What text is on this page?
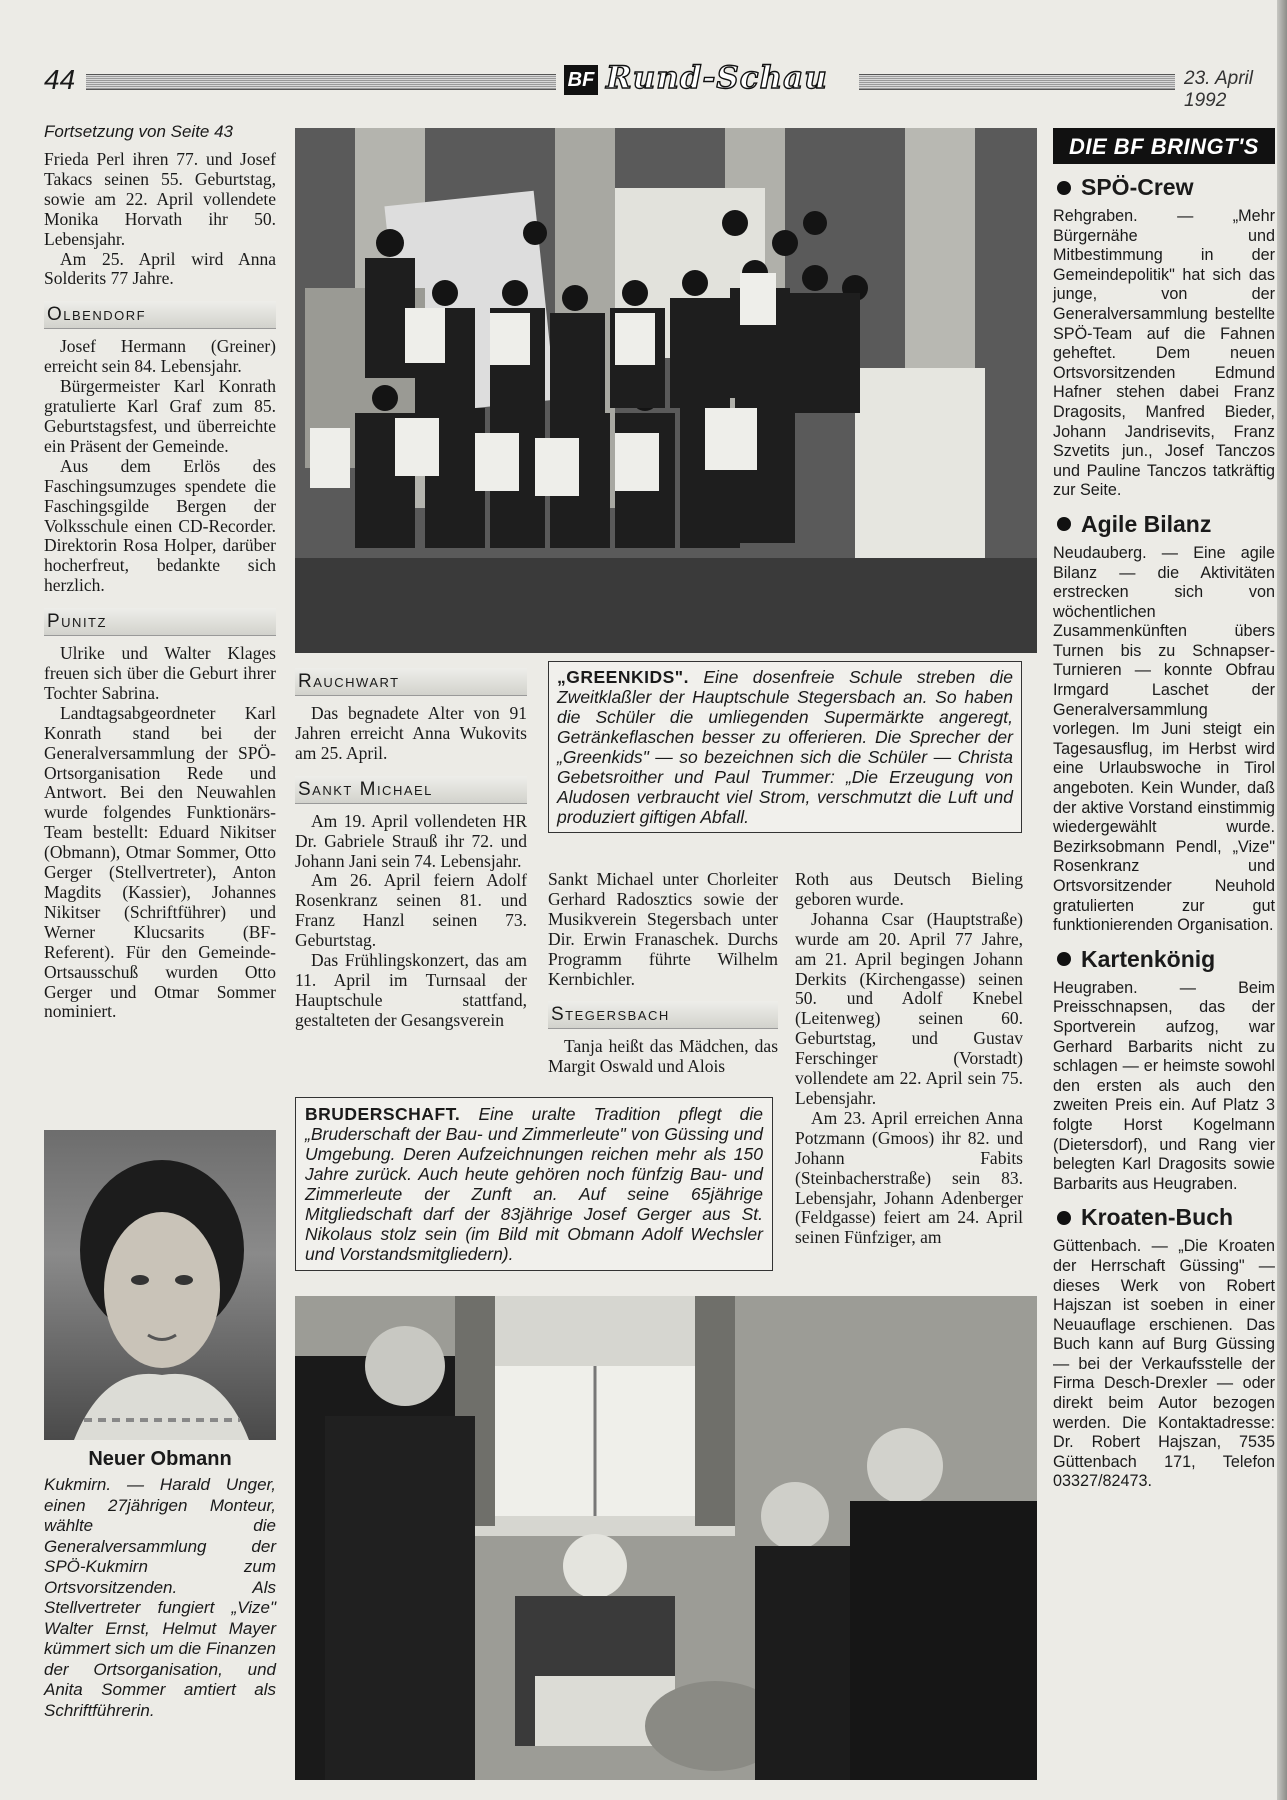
44	BF Rund-Schau	23. April 1992
Fortsetzung von Seite 43

Frieda Perl ihren 77. und Josef Takacs seinen 55. Geburtstag, sowie am 22. April vollendete Monika Horvath ihr 50. Lebensjahr.

Am 25. April wird Anna Solderits 77 Jahre.

Olbendorf

Josef Hermann (Greiner) erreicht sein 84. Lebensjahr.

Bürgermeister Karl Konrath gratulierte Karl Graf zum 85. Geburtstagsfest, und überreichte ein Präsent der Gemeinde.

Aus dem Erlös des Faschingsumzuges spendete die Faschingsgilde Bergen der Volksschule einen CD-Recorder. Direktorin Rosa Holper, darüber hocherfreut, bedankte sich herzlich.

Punitz

Ulrike und Walter Klages freuen sich über die Geburt ihrer Tochter Sabrina.

Landtagsabgeordneter Karl Konrath stand bei der Generalversammlung der SPÖ-Ortsorganisation Rede und Antwort. Bei den Neuwahlen wurde folgendes Funktionärs-Team bestellt: Eduard Nikitser (Obmann), Otmar Sommer, Otto Gerger (Stellvertreter), Anton Magdits (Kassier), Johannes Nikitser (Schriftführer) und Werner Klucsarits (BF-Referent). Für den Gemeinde-Ortsausschuß wurden Otto Gerger und Otmar Sommer nominiert.

Neuer Obmann
Kukmirn. — Harald Unger, einen 27jährigen Monteur, wählte die Generalversammlung der SPÖ-Kukmirn zum Ortsvorsitzenden. Als Stellvertreter fungiert „Vize" Walter Ernst, Helmut Mayer kümmert sich um die Finanzen der Ortsorganisation, und Anita Sommer amtiert als Schriftführerin.
Rauchwart

Das begnadete Alter von 91 Jahren erreicht Anna Wukovits am 25. April.

Sankt Michael

Am 19. April vollendeten HR Dr. Gabriele Strauß ihr 72. und Johann Jani sein 74. Lebensjahr.

Am 26. April feiern Adolf Rosenkranz seinen 81. und Franz Hanzl seinen 73. Geburtstag.

Das Frühlingskonzert, das am 11. April im Turnsaal der Hauptschule stattfand, gestalteten der Gesangsverein

„GREENKIDS". Eine dosenfreie Schule streben die Zweitklaßler der Hauptschule Stegersbach an. So haben die Schüler die umliegenden Supermärkte angeregt, Getränkeflaschen besser zu offerieren. Die Sprecher der „Greenkids" — so bezeichnen sich die Schüler — Christa Gebetsroither und Paul Trummer: „Die Erzeugung von Aludosen verbraucht viel Strom, verschmutzt die Luft und produziert giftigen Abfall.

Sankt Michael unter Chorleiter Gerhard Radosztics sowie der Musikverein Stegersbach unter Dir. Erwin Franaschek. Durchs Programm führte Wilhelm Kernbichler.

Stegersbach

Tanja heißt das Mädchen, das Margit Oswald und Alois

Roth aus Deutsch Bieling geboren wurde.

Johanna Csar (Hauptstraße) wurde am 20. April 77 Jahre, am 21. April begingen Johann Derkits (Kirchengasse) seinen 50. und Adolf Knebel (Leitenweg) seinen 60. Geburtstag, und Gustav Ferschinger (Vorstadt) vollendete am 22. April sein 75. Lebensjahr.

Am 23. April erreichen Anna Potzmann (Gmoos) ihr 82. und Johann Fabits (Steinbacherstraße) sein 83. Lebensjahr, Johann Adenberger (Feldgasse) feiert am 24. April seinen Fünfziger, am

BRUDERSCHAFT. Eine uralte Tradition pflegt die „Bruderschaft der Bau- und Zimmerleute" von Güssing und Umgebung. Deren Aufzeichnungen reichen mehr als 150 Jahre zurück. Auch heute gehören noch fünfzig Bau- und Zimmerleute der Zunft an. Auf seine 65jährige Mitgliedschaft darf der 83jährige Josef Gerger aus St. Nikolaus stolz sein (im Bild mit Obmann Adolf Wechsler und Vorstandsmitgliedern).
DIE BF BRINGT'S
SPÖ-Crew
Rehgraben. — „Mehr Bürgernähe und Mitbestimmung in der Gemeindepolitik" hat sich das junge, von der Generalversammlung bestellte SPÖ-Team auf die Fahnen geheftet. Dem neuen Ortsvorsitzenden Edmund Hafner stehen dabei Franz Dragosits, Manfred Bieder, Johann Jandrisevits, Franz Szvetits jun., Josef Tanczos und Pauline Tanczos tatkräftig zur Seite.
Agile Bilanz
Neudauberg. — Eine agile Bilanz — die Aktivitäten erstrecken sich von wöchentlichen Zusammenkünften übers Turnen bis zu Schnapser-Turnieren — konnte Obfrau Irmgard Laschet der Generalversammlung vorlegen. Im Juni steigt ein Tagesausflug, im Herbst wird eine Urlaubswoche in Tirol angeboten. Kein Wunder, daß der aktive Vorstand einstimmig wiedergewählt wurde. Bezirksobmann Pendl, „Vize" Rosenkranz und Ortsvorsitzender Neuhold gratulierten zur gut funktionierenden Organisation.
Kartenkönig
Heugraben. — Beim Preisschnapsen, das der Sportverein aufzog, war Gerhard Barbarits nicht zu schlagen — er heimste sowohl den ersten als auch den zweiten Preis ein. Auf Platz 3 folgte Horst Kogelmann (Dietersdorf), und Rang vier belegten Karl Dragosits sowie Barbarits aus Heugraben.
Kroaten-Buch
Güttenbach. — „Die Kroaten der Herrschaft Güssing" — dieses Werk von Robert Hajszan ist soeben in einer Neuauflage erschienen. Das Buch kann auf Burg Güssing — bei der Verkaufsstelle der Firma Desch-Drexler — oder direkt beim Autor bezogen werden. Die Kontaktadresse: Dr. Robert Hajszan, 7535 Güttenbach 171, Telefon 03327/82473.
